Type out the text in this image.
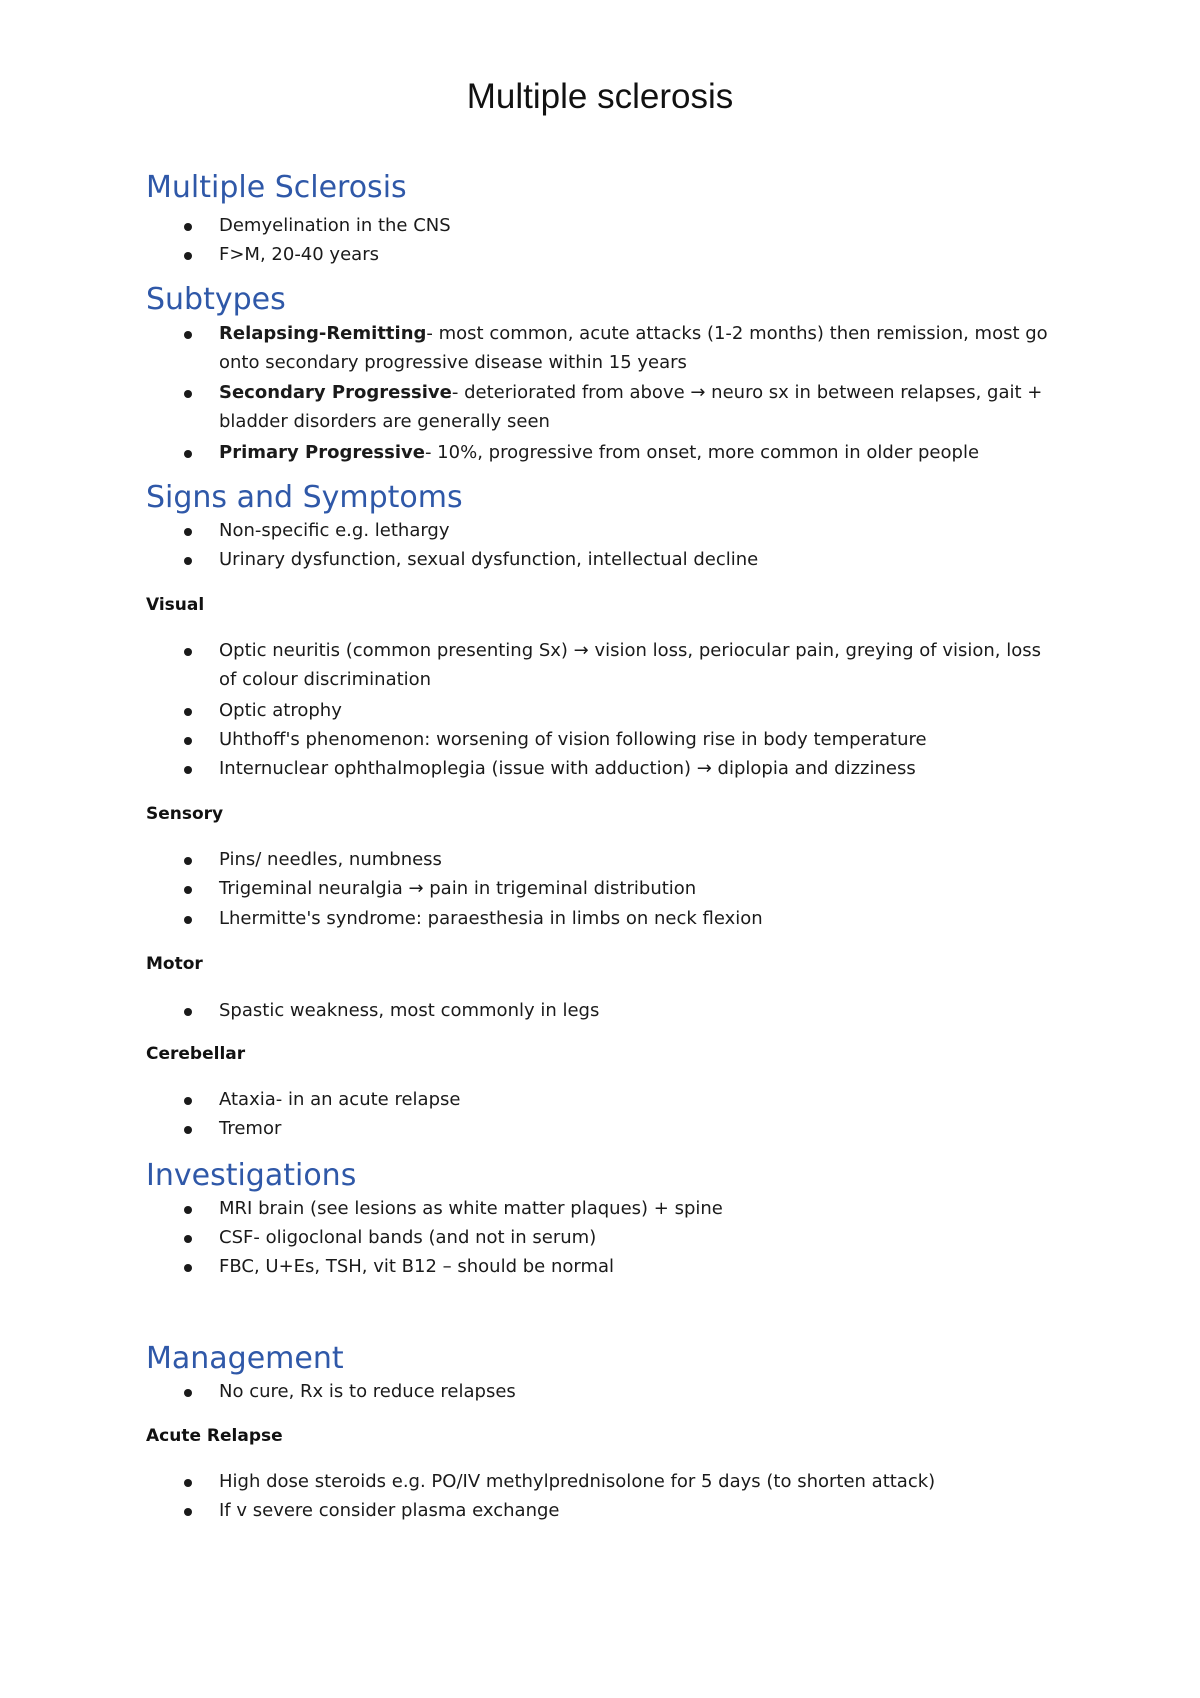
Multiple sclerosis
Multiple Sclerosis
Demyelination in the CNS
F>M, 20-40 years
Subtypes
Relapsing-Remitting- most common, acute attacks (1-2 months) then remission, most go
onto secondary progressive disease within 15 years
Secondary Progressive- deteriorated from above → neuro sx in between relapses, gait +
bladder disorders are generally seen
Primary Progressive- 10%, progressive from onset, more common in older people
Signs and Symptoms
Non-specific e.g. lethargy
Urinary dysfunction, sexual dysfunction, intellectual decline
Visual
Optic neuritis (common presenting Sx) → vision loss, periocular pain, greying of vision, loss
of colour discrimination
Optic atrophy
Uhthoff's phenomenon: worsening of vision following rise in body temperature
Internuclear ophthalmoplegia (issue with adduction) → diplopia and dizziness
Sensory
Pins/ needles, numbness
Trigeminal neuralgia → pain in trigeminal distribution
Lhermitte's syndrome: paraesthesia in limbs on neck flexion
Motor
Spastic weakness, most commonly in legs
Cerebellar
Ataxia- in an acute relapse
Tremor
Investigations
MRI brain (see lesions as white matter plaques) + spine
CSF- oligoclonal bands (and not in serum)
FBC, U+Es, TSH, vit B12 – should be normal
Management
No cure, Rx is to reduce relapses
Acute Relapse
High dose steroids e.g. PO/IV methylprednisolone for 5 days (to shorten attack)
If v severe consider plasma exchange
